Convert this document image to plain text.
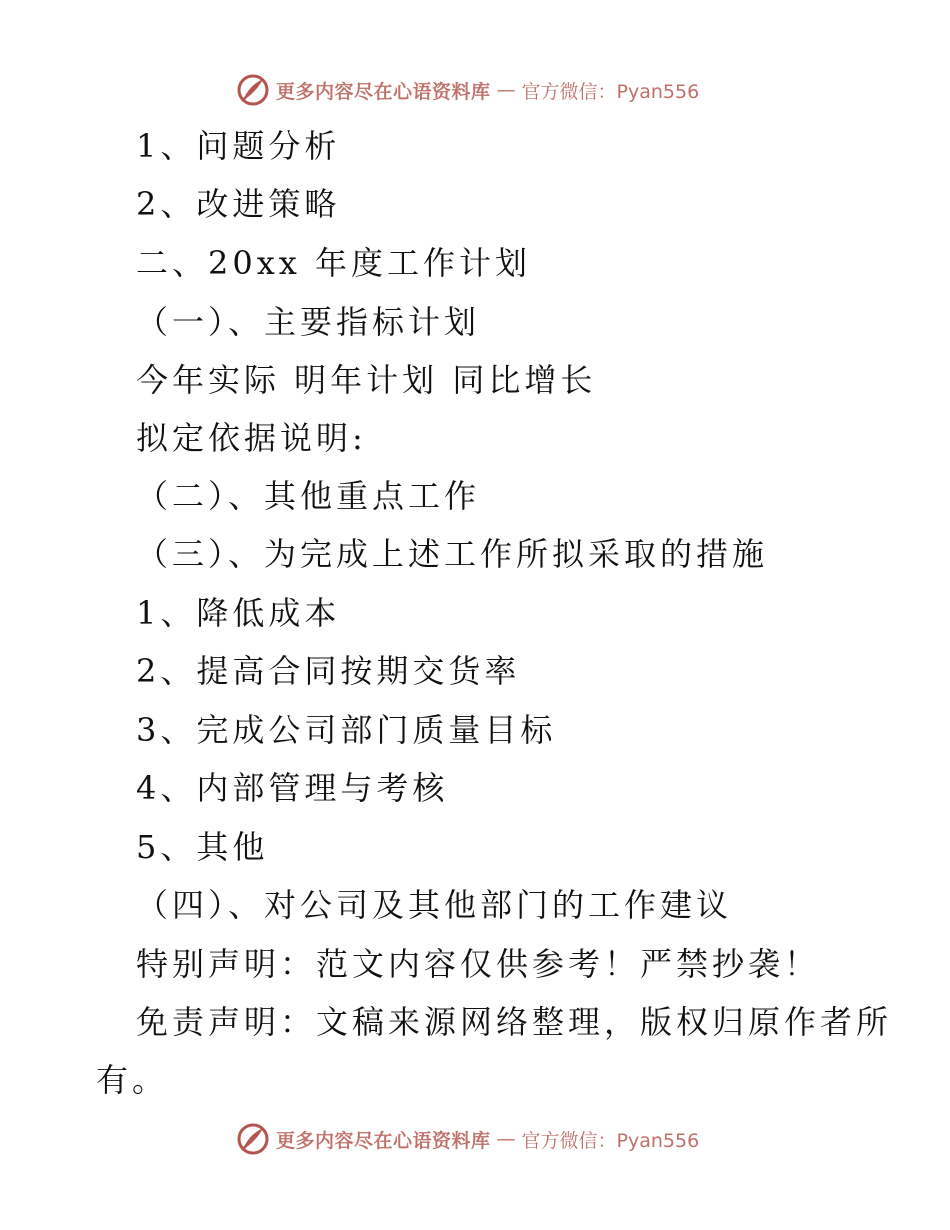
更多内容尽在心语资料库 — 官方微信：Pyan556
1、问题分析
2、改进策略
二、20xx 年度工作计划
（一）、主要指标计划
今年实际 明年计划 同比增长
拟定依据说明:
（二）、其他重点工作
（三）、为完成上述工作所拟采取的措施
1、降低成本
2、提高合同按期交货率
3、完成公司部门质量目标
4、内部管理与考核
5、其他
（四）、对公司及其他部门的工作建议
特别声明：范文内容仅供参考！严禁抄袭！
免责声明：文稿来源网络整理，版权归原作者所
有。
更多内容尽在心语资料库 — 官方微信：Pyan556
